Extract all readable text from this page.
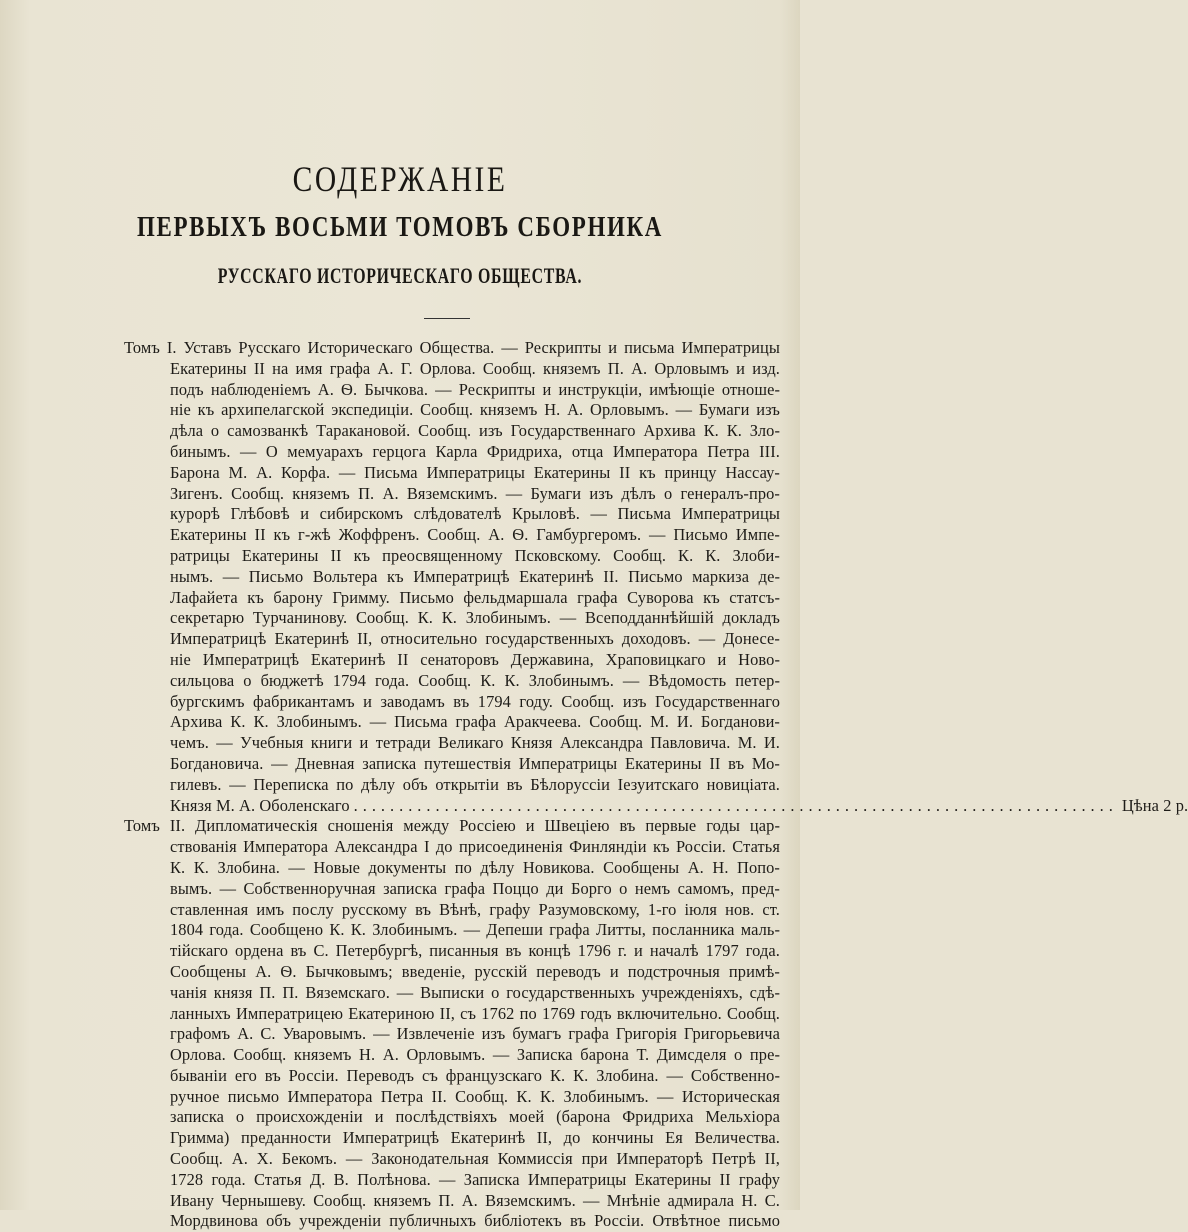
СОДЕРЖАНІЕ
ПЕРВЫХЪ ВОСЬМИ ТОМОВЪ СБОРНИКА
РУССКАГО ИСТОРИЧЕСКАГО ОБЩЕСТВА.
Томъ I. Уставъ Русскаго Историческаго Общества. — Рескрипты и письма Императрицы
Екатерины II на имя графа А. Г. Орлова. Сообщ. княземъ П. А. Орловымъ и изд.
подъ наблюденіемъ А. Ѳ. Бычкова. — Рескрипты и инструкціи, имѣющіе отноше-
ніе къ архипелагской экспедиціи. Сообщ. княземъ Н. А. Орловымъ. — Бумаги изъ
дѣла о самозванкѣ Таракановой. Сообщ. изъ Государственнаго Архива К. К. Зло-
бинымъ. — О мемуарахъ герцога Карла Фридриха, отца Императора Петра III.
Барона М. А. Корфа. — Письма Императрицы Екатерины II къ принцу Нассау-
Зигенъ. Сообщ. княземъ П. А. Вяземскимъ. — Бумаги изъ дѣлъ о генералъ-про-
курорѣ Глѣбовѣ и сибирскомъ слѣдователѣ Крыловѣ. — Письма Императрицы
Екатерины II къ г-жѣ Жоффренъ. Сообщ. А. Ѳ. Гамбургеромъ. — Письмо Импе-
ратрицы Екатерины II къ преосвященному Псковскому. Сообщ. К. К. Злоби-
нымъ. — Письмо Вольтера къ Императрицѣ Екатеринѣ II. Письмо маркиза де-
Лафайета къ барону Гримму. Письмо фельдмаршала графа Суворова къ статсъ-
секретарю Турчанинову. Сообщ. К. К. Злобинымъ. — Всеподданнѣйшій докладъ
Императрицѣ Екатеринѣ II, относительно государственныхъ доходовъ. — Донесе-
ніе Императрицѣ Екатеринѣ II сенаторовъ Державина, Храповицкаго и Ново-
сильцова о бюджетѣ 1794 года. Сообщ. К. К. Злобинымъ. — Вѣдомость петер-
бургскимъ фабрикантамъ и заводамъ въ 1794 году. Сообщ. изъ Государственнаго
Архива К. К. Злобинымъ. — Письма графа Аракчеева. Сообщ. М. И. Богданови-
чемъ. — Учебныя книги и тетради Великаго Князя Александра Павловича. М. И.
Богдановича. — Дневная записка путешествія Императрицы Екатерины II въ Мо-
гилевъ. — Переписка по дѣлу объ открытіи въ Бѣлоруссіи Іезуитскаго новиціата.
Князя М. А. Оболенскаго .................................................................................... Цѣна 2 р.
Томъ II. Дипломатическія сношенія между Россіею и Швеціею въ первые годы цар-
ствованія Императора Александра I до присоединенія Финляндіи къ Россіи. Статья
К. К. Злобина. — Новые документы по дѣлу Новикова. Сообщены А. Н. Попо-
вымъ. — Собственноручная записка графа Поццо ди Борго о немъ самомъ, пред-
ставленная имъ послу русскому въ Вѣнѣ, графу Разумовскому, 1-го іюля нов. ст.
1804 года. Сообщено К. К. Злобинымъ. — Депеши графа Литты, посланника маль-
тійскаго ордена въ С. Петербургѣ, писанныя въ концѣ 1796 г. и началѣ 1797 года.
Сообщены А. Ѳ. Бычковымъ; введеніе, русскій переводъ и подстрочныя примѣ-
чанія князя П. П. Вяземскаго. — Выписки о государственныхъ учрежденіяхъ, сдѣ-
ланныхъ Императрицею Екатериною II, съ 1762 по 1769 годъ включительно. Сообщ.
графомъ А. С. Уваровымъ. — Извлеченіе изъ бумагъ графа Григорія Григорьевича
Орлова. Сообщ. княземъ Н. А. Орловымъ. — Записка барона Т. Димсделя о пре-
бываніи его въ Россіи. Переводъ съ французскаго К. К. Злобина. — Собственно-
ручное письмо Императора Петра II. Сообщ. К. К. Злобинымъ. — Историческая
записка о происхожденіи и послѣдствіяхъ моей (барона Фридриха Мельхіора
Гримма) преданности Императрицѣ Екатеринѣ II, до кончины Ея Величества.
Сообщ. А. Х. Бекомъ. — Законодательная Коммиссія при Императорѣ Петрѣ II,
1728 года. Статья Д. В. Полѣнова. — Записка Императрицы Екатерины II графу
Ивану Чернышеву. Сообщ. княземъ П. А. Вяземскимъ. — Мнѣніе адмирала Н. С.
Мордвинова объ учрежденіи публичныхъ библіотекъ въ Россіи. Отвѣтное письмо
